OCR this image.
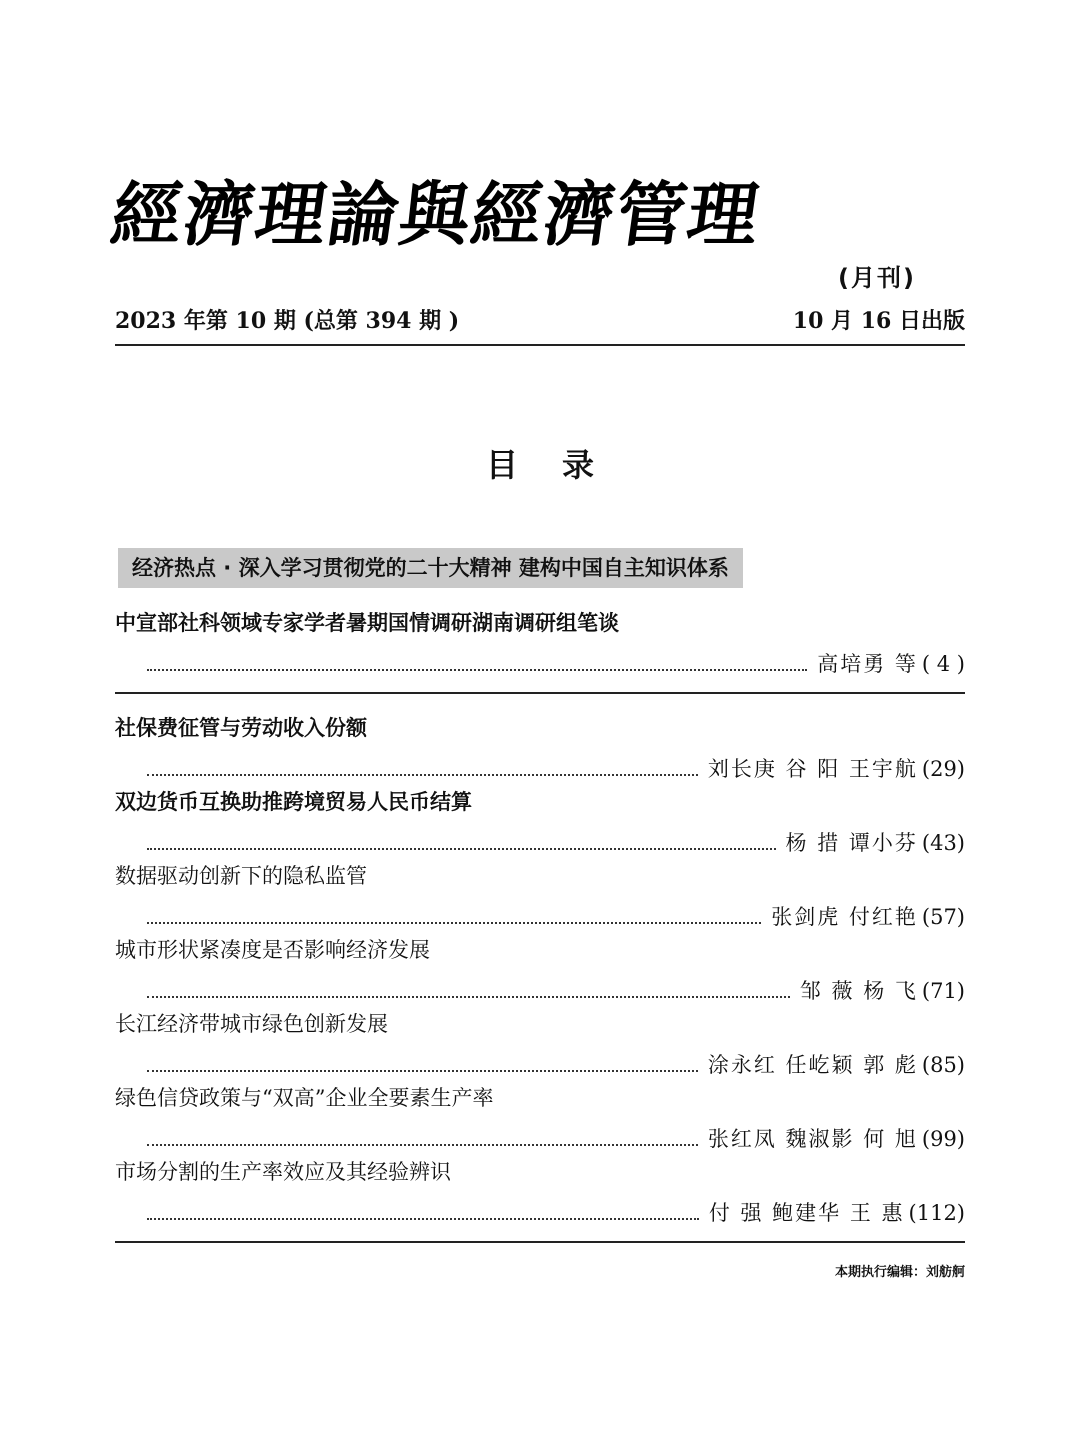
經濟理論與經濟管理
(月刊)
2023 年第 10 期 (总第 394 期 )	10 月 16 日出版
目录
经济热点 · 深入学习贯彻党的二十大精神 建构中国自主知识体系
中宣部社科领域专家学者暑期国情调研湖南调研组笔谈
高培勇 等 ( 4 )
社保费征管与劳动收入份额
刘长庚 谷 阳 王宇航 (29)
双边货币互换助推跨境贸易人民币结算
杨 措 谭小芬 (43)
数据驱动创新下的隐私监管
张剑虎 付红艳 (57)
城市形状紧凑度是否影响经济发展
邹 薇 杨 飞 (71)
长江经济带城市绿色创新发展
涂永红 任屹颖 郭 彪 (85)
绿色信贷政策与“双高”企业全要素生产率
张红凤 魏淑影 何 旭 (99)
市场分割的生产率效应及其经验辨识
付 强 鲍建华 王 惠 (112)
本期执行编辑：刘舫舸
